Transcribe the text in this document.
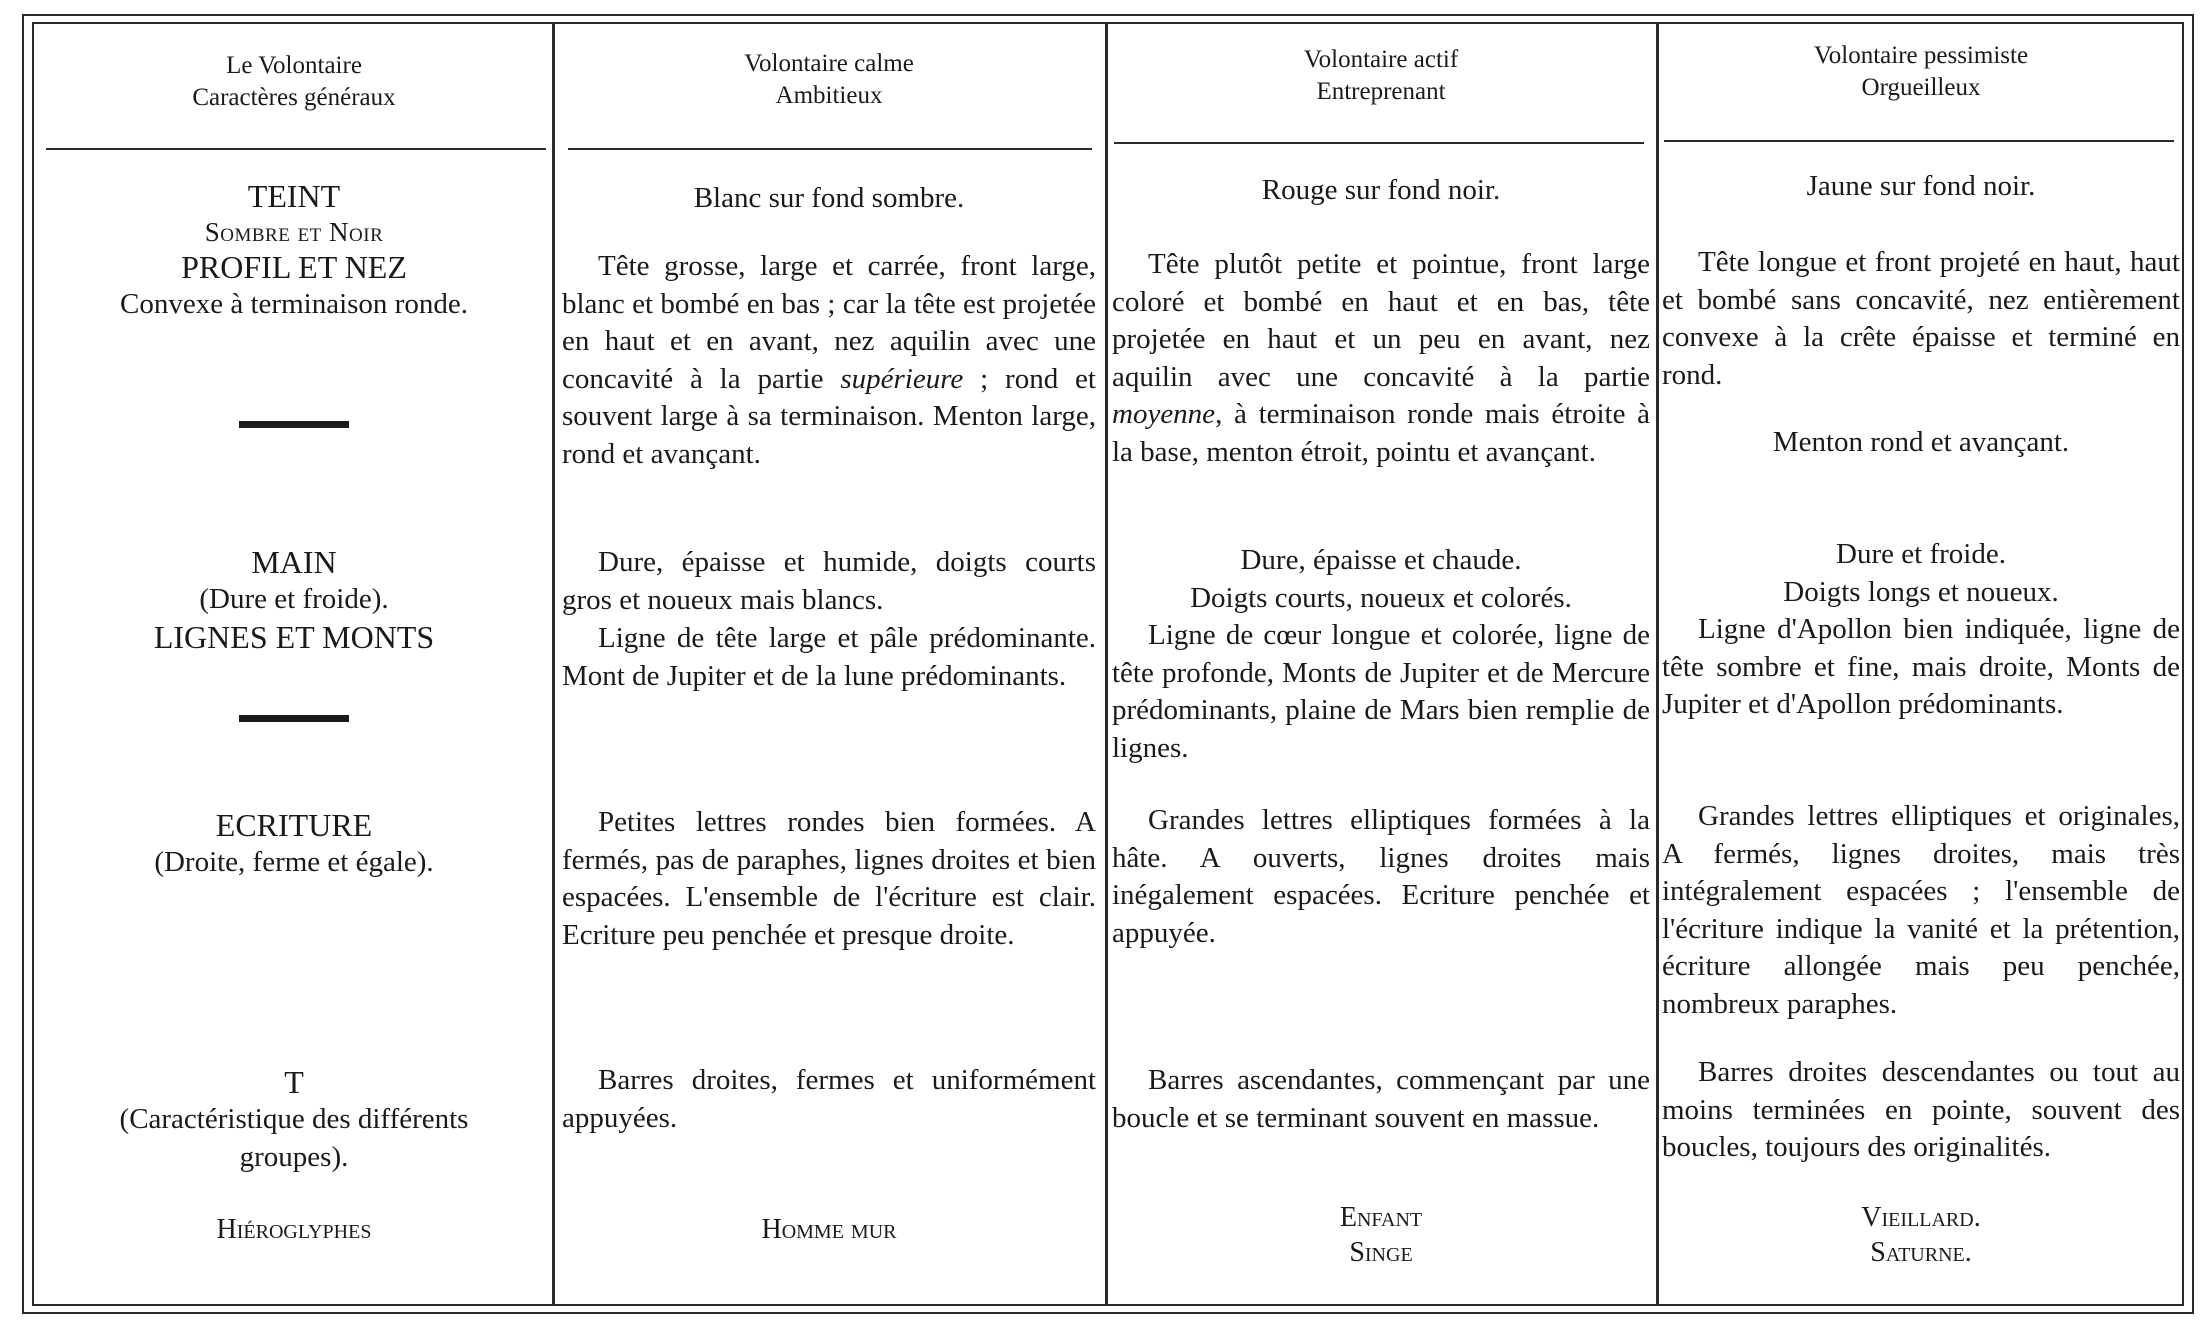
Le Volontaire
Caractères généraux
TEINT
Sombre et Noir
PROFIL ET NEZ
Convexe à terminaison ronde.
MAIN
(Dure et froide).
LIGNES ET MONTS
ECRITURE
(Droite, ferme et égale).
T
(Caractéristique des différents groupes).
Hiéroglyphes
Volontaire calme
Ambitieux
Blanc sur fond sombre.
Tête grosse, large et carrée, front large, blanc et bombé en bas ; car la tête est projetée en haut et en avant, nez aquilin avec une concavité à la partie supérieure ; rond et souvent large à sa terminaison. Menton large, rond et avançant.
Dure, épaisse et humide, doigts courts gros et noueux mais blancs.
Ligne de tête large et pâle prédominante. Mont de Jupiter et de la lune prédominants.
Petites lettres rondes bien formées. A fermés, pas de paraphes, lignes droites et bien espacées. L'ensemble de l'écriture est clair. Ecriture peu penchée et presque droite.
Barres droites, fermes et uniformément appuyées.
Homme mur
Volontaire actif
Entreprenant
Rouge sur fond noir.
Tête plutôt petite et pointue, front large coloré et bombé en haut et en bas, tête projetée en haut et un peu en avant, nez aquilin avec une concavité à la partie moyenne, à terminaison ronde mais étroite à la base, menton étroit, pointu et avançant.
Dure, épaisse et chaude.
Doigts courts, noueux et colorés.
Ligne de cœur longue et colorée, ligne de tête profonde, Monts de Jupiter et de Mercure prédominants, plaine de Mars bien remplie de lignes.
Grandes lettres elliptiques formées à la hâte. A ouverts, lignes droites mais inégalement espacées. Ecriture penchée et appuyée.
Barres ascendantes, commençant par une boucle et se terminant souvent en massue.
Enfant
Singe
Volontaire pessimiste
Orgueilleux
Jaune sur fond noir.
Tête longue et front projeté en haut, haut et bombé sans concavité, nez entièrement convexe à la crête épaisse et terminé en rond.
Menton rond et avançant.
Dure et froide.
Doigts longs et noueux.
Ligne d'Apollon bien indiquée, ligne de tête sombre et fine, mais droite, Monts de Jupiter et d'Apollon prédominants.
Grandes lettres elliptiques et originales, A fermés, lignes droites, mais très intégralement espacées ; l'ensemble de l'écriture indique la vanité et la prétention, écriture allongée mais peu penchée, nombreux paraphes.
Barres droites descendantes ou tout au moins terminées en pointe, souvent des boucles, toujours des originalités.
Vieillard.
Saturne.
